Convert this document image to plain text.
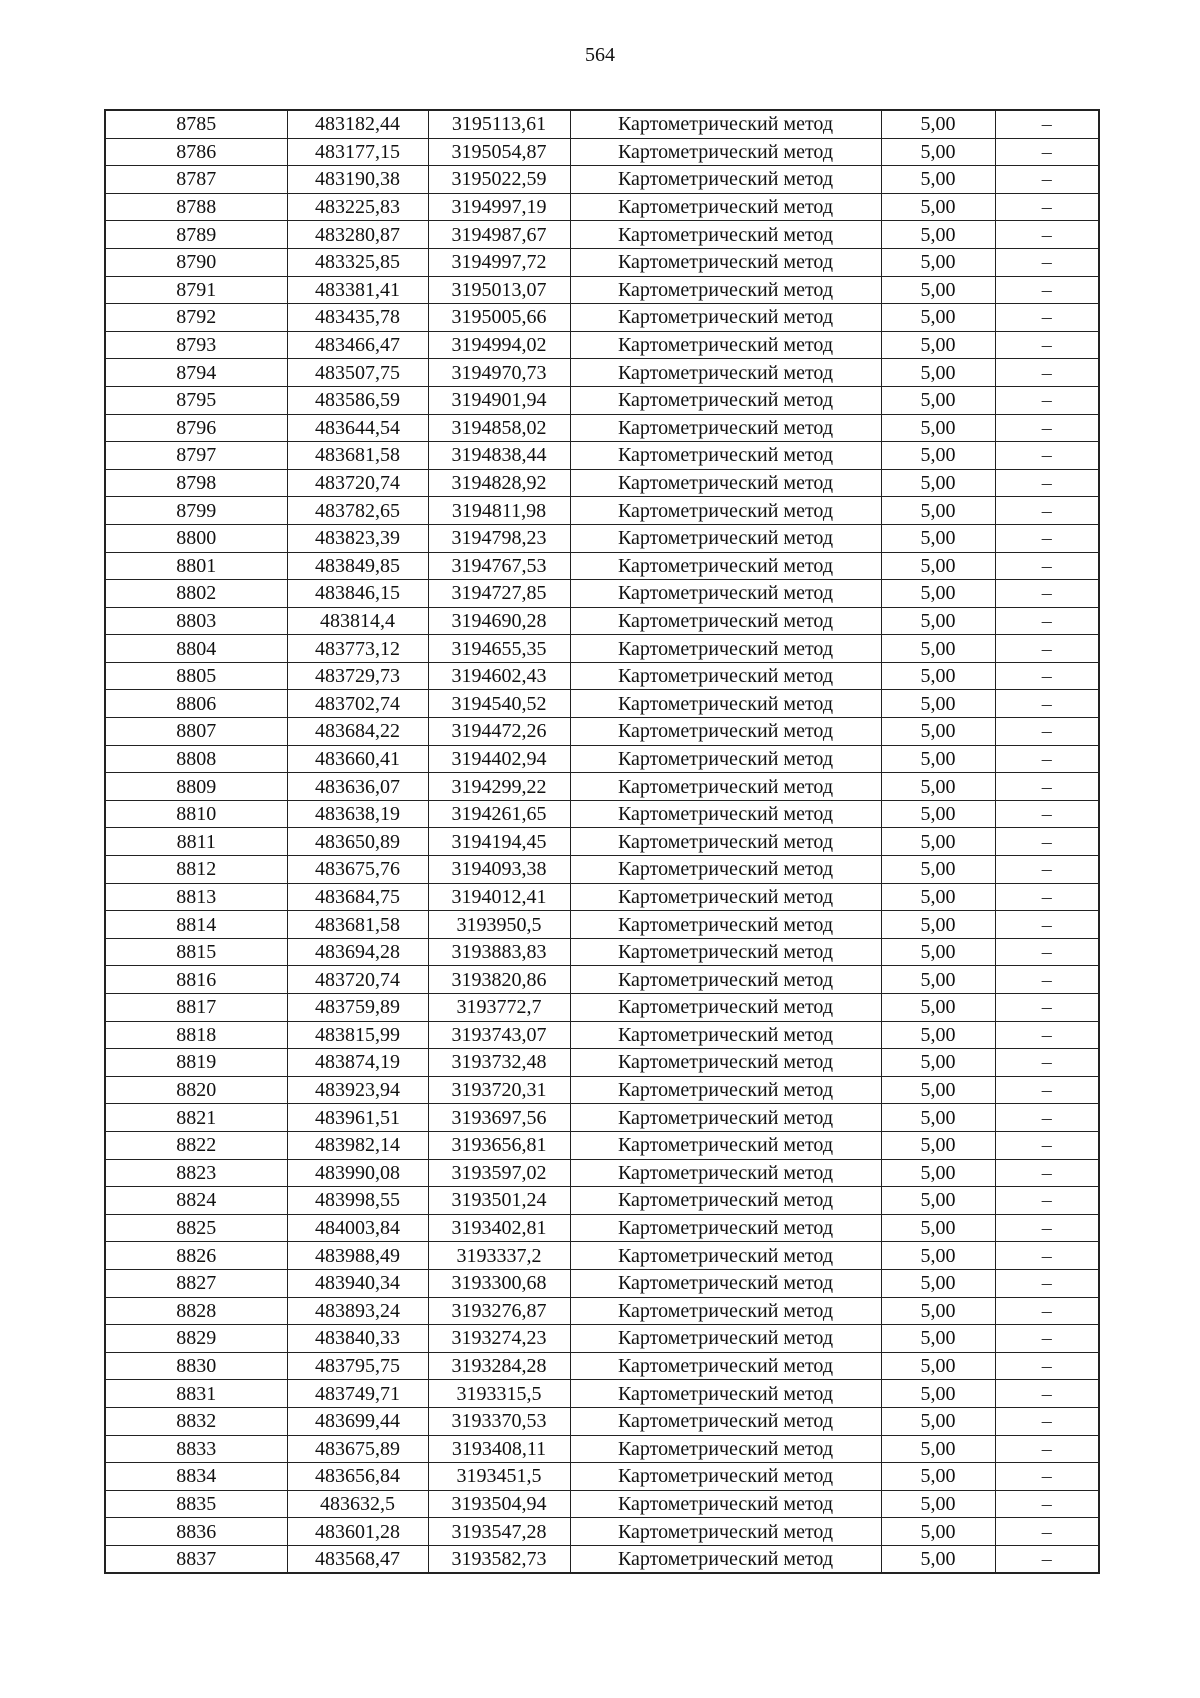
564
8785	483182,44	3195113,61	Картометрический метод	5,00	–
8786	483177,15	3195054,87	Картометрический метод	5,00	–
8787	483190,38	3195022,59	Картометрический метод	5,00	–
8788	483225,83	3194997,19	Картометрический метод	5,00	–
8789	483280,87	3194987,67	Картометрический метод	5,00	–
8790	483325,85	3194997,72	Картометрический метод	5,00	–
8791	483381,41	3195013,07	Картометрический метод	5,00	–
8792	483435,78	3195005,66	Картометрический метод	5,00	–
8793	483466,47	3194994,02	Картометрический метод	5,00	–
8794	483507,75	3194970,73	Картометрический метод	5,00	–
8795	483586,59	3194901,94	Картометрический метод	5,00	–
8796	483644,54	3194858,02	Картометрический метод	5,00	–
8797	483681,58	3194838,44	Картометрический метод	5,00	–
8798	483720,74	3194828,92	Картометрический метод	5,00	–
8799	483782,65	3194811,98	Картометрический метод	5,00	–
8800	483823,39	3194798,23	Картометрический метод	5,00	–
8801	483849,85	3194767,53	Картометрический метод	5,00	–
8802	483846,15	3194727,85	Картометрический метод	5,00	–
8803	483814,4	3194690,28	Картометрический метод	5,00	–
8804	483773,12	3194655,35	Картометрический метод	5,00	–
8805	483729,73	3194602,43	Картометрический метод	5,00	–
8806	483702,74	3194540,52	Картометрический метод	5,00	–
8807	483684,22	3194472,26	Картометрический метод	5,00	–
8808	483660,41	3194402,94	Картометрический метод	5,00	–
8809	483636,07	3194299,22	Картометрический метод	5,00	–
8810	483638,19	3194261,65	Картометрический метод	5,00	–
8811	483650,89	3194194,45	Картометрический метод	5,00	–
8812	483675,76	3194093,38	Картометрический метод	5,00	–
8813	483684,75	3194012,41	Картометрический метод	5,00	–
8814	483681,58	3193950,5	Картометрический метод	5,00	–
8815	483694,28	3193883,83	Картометрический метод	5,00	–
8816	483720,74	3193820,86	Картометрический метод	5,00	–
8817	483759,89	3193772,7	Картометрический метод	5,00	–
8818	483815,99	3193743,07	Картометрический метод	5,00	–
8819	483874,19	3193732,48	Картометрический метод	5,00	–
8820	483923,94	3193720,31	Картометрический метод	5,00	–
8821	483961,51	3193697,56	Картометрический метод	5,00	–
8822	483982,14	3193656,81	Картометрический метод	5,00	–
8823	483990,08	3193597,02	Картометрический метод	5,00	–
8824	483998,55	3193501,24	Картометрический метод	5,00	–
8825	484003,84	3193402,81	Картометрический метод	5,00	–
8826	483988,49	3193337,2	Картометрический метод	5,00	–
8827	483940,34	3193300,68	Картометрический метод	5,00	–
8828	483893,24	3193276,87	Картометрический метод	5,00	–
8829	483840,33	3193274,23	Картометрический метод	5,00	–
8830	483795,75	3193284,28	Картометрический метод	5,00	–
8831	483749,71	3193315,5	Картометрический метод	5,00	–
8832	483699,44	3193370,53	Картометрический метод	5,00	–
8833	483675,89	3193408,11	Картометрический метод	5,00	–
8834	483656,84	3193451,5	Картометрический метод	5,00	–
8835	483632,5	3193504,94	Картометрический метод	5,00	–
8836	483601,28	3193547,28	Картометрический метод	5,00	–
8837	483568,47	3193582,73	Картометрический метод	5,00	–
